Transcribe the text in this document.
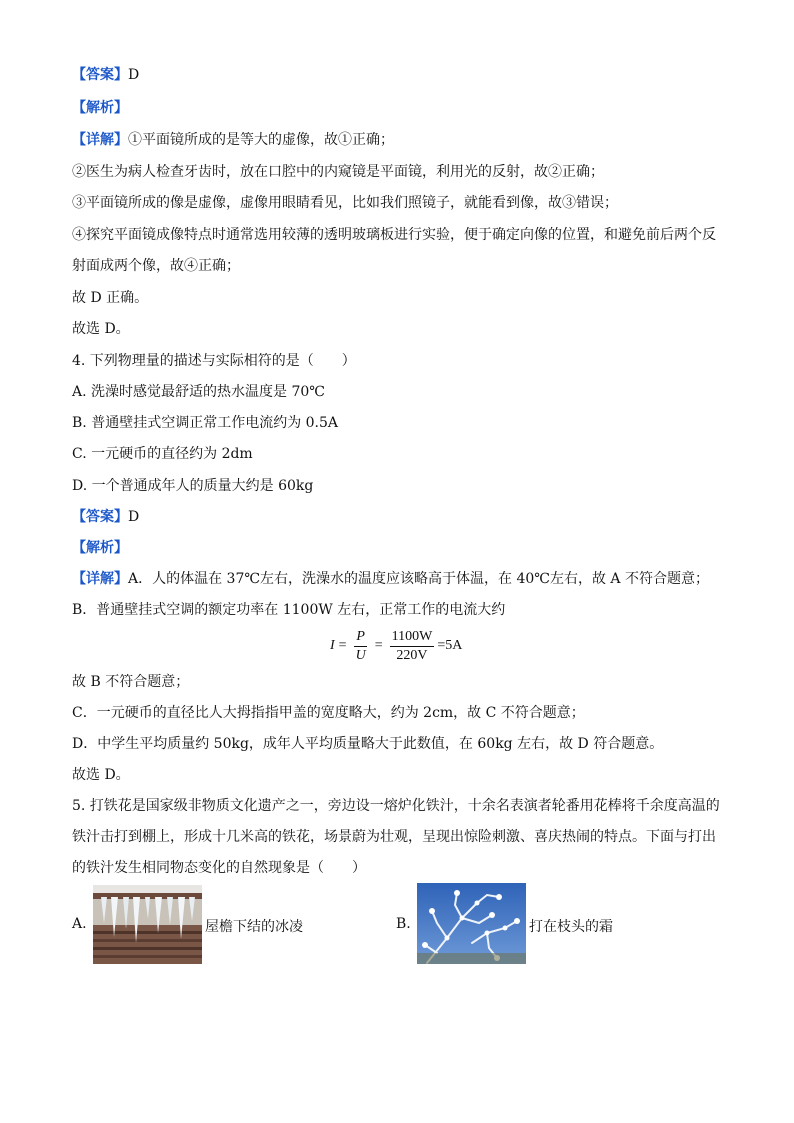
【答案】D
【解析】
【详解】①平面镜所成的是等大的虚像，故①正确；
②医生为病人检查牙齿时，放在口腔中的内窥镜是平面镜，利用光的反射，故②正确；
③平面镜所成的像是虚像，虚像用眼睛看见，比如我们照镜子，就能看到像，故③错误；
④探究平面镜成像特点时通常选用较薄的透明玻璃板进行实验，便于确定向像的位置，和避免前后两个反
射面成两个像，故④正确；
故 D 正确。
故选 D。
4. 下列物理量的描述与实际相符的是（　　）
A. 洗澡时感觉最舒适的热水温度是 70℃
B. 普通壁挂式空调正常工作电流约为 0.5A
C. 一元硬币的直径约为 2dm
D. 一个普通成年人的质量大约是 60kg
【答案】D
【解析】
【详解】A．人的体温在 37℃左右，洗澡水的温度应该略高于体温，在 40℃左右，故 A 不符合题意；
B．普通壁挂式空调的额定功率在 1100W 左右，正常工作的电流大约
$I = \frac{P}{U} = \frac{1100W}{220V} =5A$
故 B 不符合题意；
C．一元硬币的直径比人大拇指指甲盖的宽度略大，约为 2cm，故 C 不符合题意；
D．中学生平均质量约 50kg，成年人平均质量略大于此数值，在 60kg 左右，故 D 符合题意。
故选 D。
5. 打铁花是国家级非物质文化遗产之一，旁边设一熔炉化铁汁，十余名表演者轮番用花棒将千余度高温的
铁汁击打到棚上，形成十几米高的铁花，场景蔚为壮观，呈现出惊险刺激、喜庆热闹的特点。下面与打出
的铁汁发生相同物态变化的自然现象是（　　）
A.	屋檐下结的冰凌	B.	打在枝头的霜
